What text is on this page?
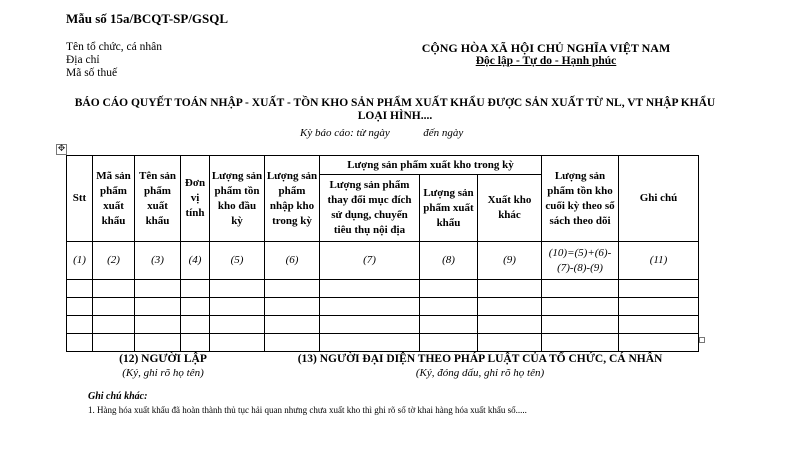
Mẫu số 15a/BCQT-SP/GSQL
Tên tổ chức, cá nhân
Địa chỉ
Mã số thuế
CỘNG HÒA XÃ HỘI CHỦ NGHĨA VIỆT NAM
Độc lập - Tự do - Hạnh phúc
BÁO CÁO QUYẾT TOÁN NHẬP - XUẤT - TỒN KHO SẢN PHẨM XUẤT KHẨU ĐƯỢC SẢN XUẤT TỪ NL, VT NHẬP KHẨU LOẠI HÌNH....
Kỳ báo cáo: từ ngày	đến ngày
✥
Stt	Mã sản phẩm xuất khẩu	Tên sản phẩm xuất khẩu	Đơn vị tính	Lượng sản phẩm tồn kho đầu kỳ	Lượng sản phẩm nhập kho trong kỳ	Lượng sản phẩm xuất kho trong kỳ			Lượng sản phẩm tồn kho cuối kỳ theo sổ sách theo dõi	Ghi chú
						Lượng sản phẩm thay đổi mục đích sử dụng, chuyển tiêu thụ nội địa	Lượng sản phẩm xuất khẩu	Xuất kho khác		
(1)	(2)	(3)	(4)	(5)	(6)	(7)	(8)	(9)	(10)=(5)+(6)-(7)-(8)-(9)	(11)

(12) NGƯỜI LẬP
(Ký, ghi rõ họ tên)
(13) NGƯỜI ĐẠI DIỆN THEO PHÁP LUẬT CỦA TỔ CHỨC, CÁ NHÂN
(Ký, đóng dấu, ghi rõ họ tên)
Ghi chú khác:
1. Hàng hóa xuất khẩu đã hoàn thành thủ tục hải quan nhưng chưa xuất kho thì ghi rõ số tờ khai hàng hóa xuất khẩu số.....
